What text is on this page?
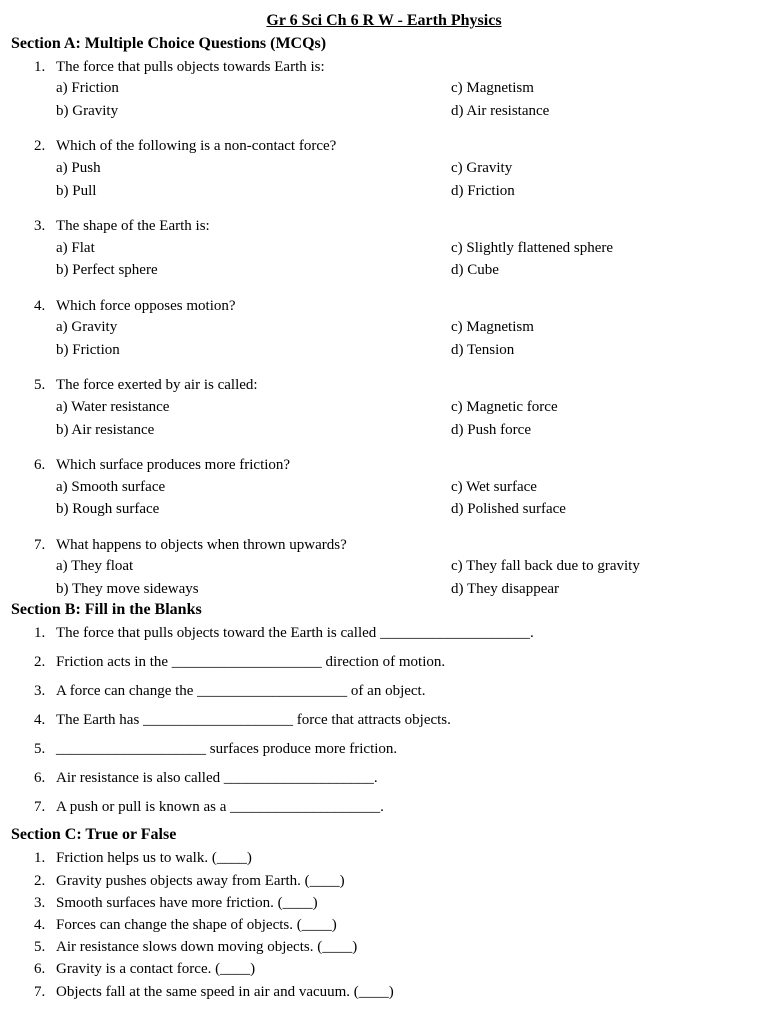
Gr 6 Sci Ch 6 R W - Earth Physics
Section A: Multiple Choice Questions (MCQs)
1. The force that pulls objects towards Earth is:
a) Friction
b) Gravity
c) Magnetism
d) Air resistance
2. Which of the following is a non-contact force?
a) Push
b) Pull
c) Gravity
d) Friction
3. The shape of the Earth is:
a) Flat
b) Perfect sphere
c) Slightly flattened sphere
d) Cube
4. Which force opposes motion?
a) Gravity
b) Friction
c) Magnetism
d) Tension
5. The force exerted by air is called:
a) Water resistance
b) Air resistance
c) Magnetic force
d) Push force
6. Which surface produces more friction?
a) Smooth surface
b) Rough surface
c) Wet surface
d) Polished surface
7. What happens to objects when thrown upwards?
a) They float
b) They move sideways
c) They fall back due to gravity
d) They disappear
Section B: Fill in the Blanks
1. The force that pulls objects toward the Earth is called ____________________.
2. Friction acts in the ____________________ direction of motion.
3. A force can change the ____________________ of an object.
4. The Earth has ____________________ force that attracts objects.
5. ____________________ surfaces produce more friction.
6. Air resistance is also called ____________________.
7. A push or pull is known as a ____________________.
Section C: True or False
1. Friction helps us to walk. (____)
2. Gravity pushes objects away from Earth. (____)
3. Smooth surfaces have more friction. (____)
4. Forces can change the shape of objects. (____)
5. Air resistance slows down moving objects. (____)
6. Gravity is a contact force. (____)
7. Objects fall at the same speed in air and vacuum. (____)
